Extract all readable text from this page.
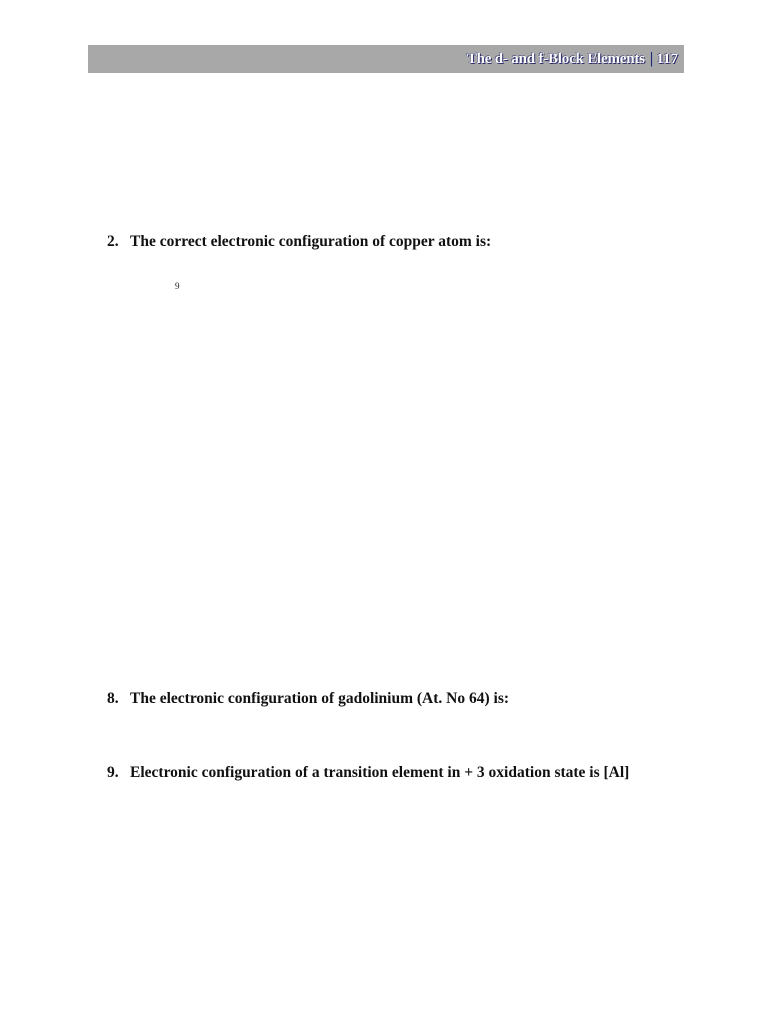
The d- and f-Block Elements | 117
2. The correct electronic configuration of copper atom is:
9
8. The electronic configuration of gadolinium (At. No 64) is:
9. Electronic configuration of a transition element in + 3 oxidation state is [Al]
